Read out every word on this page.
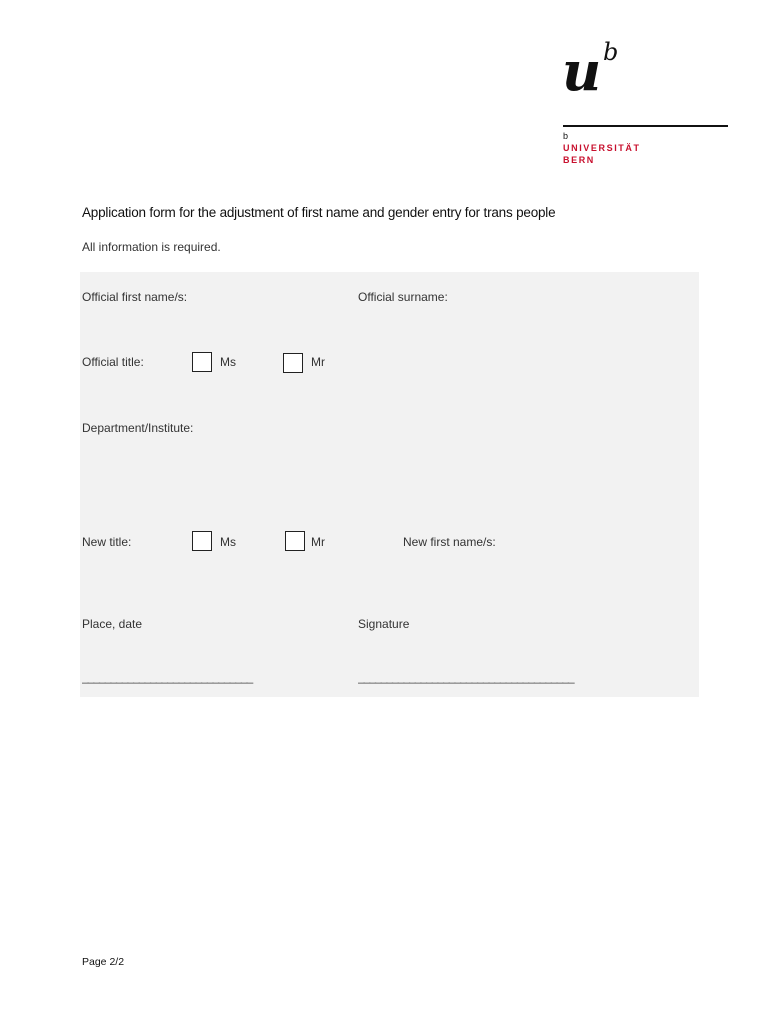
u b
b
UNIVERSITÄT
BERN
Application form for the adjustment of first name and gender entry for trans people
All information is required.
Official first name/s:	Official surname:
Official title:	Ms	Mr
Department/Institute:
New title:	Ms	Mr	New first name/s:
Place, date	Signature
______________________________	______________________________________
Page 2/2
